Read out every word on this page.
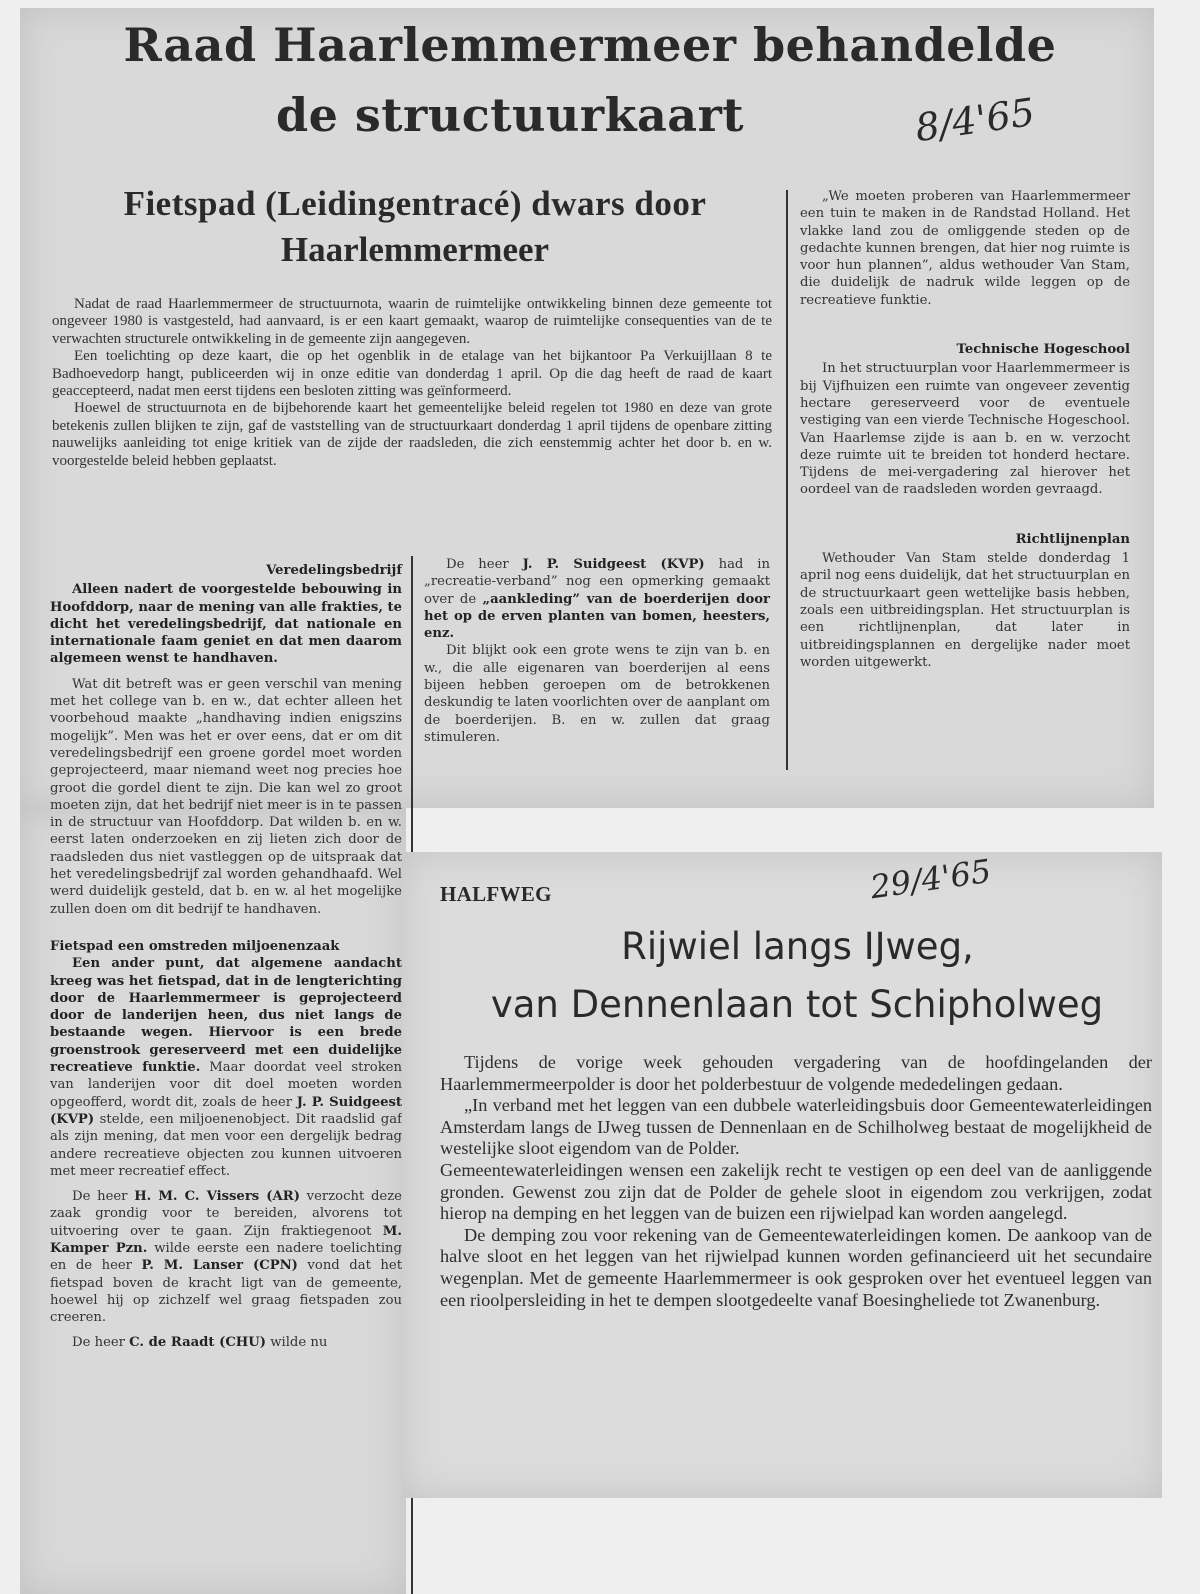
Raad Haarlemmermeer behandelde
de structuurkaart	8/4'65
Fietspad (Leidingentracé) dwars door
Haarlemmermeer

Nadat de raad Haarlemmermeer de structuurnota, waarin de ruimtelijke ontwikkeling binnen deze gemeente tot ongeveer 1980 is vastgesteld, had aanvaard, is er een kaart gemaakt, waarop de ruimtelijke consequenties van de te verwachten structurele ontwikkeling in de gemeente zijn aangegeven.

Een toelichting op deze kaart, die op het ogenblik in de etalage van het bijkantoor Pa Verkuijllaan 8 te Badhoevedorp hangt, publiceerden wij in onze editie van donderdag 1 april. Op die dag heeft de raad de kaart geaccepteerd, nadat men eerst tijdens een besloten zitting was geïnformeerd.

Hoewel de structuurnota en de bijbehorende kaart het gemeentelijke beleid regelen tot 1980 en deze van grote betekenis zullen blijken te zijn, gaf de vaststelling van de structuurkaart donderdag 1 april tijdens de openbare zitting nauwelijks aanleiding tot enige kritiek van de zijde der raadsleden, die zich eenstemmig achter het door b. en w. voorgestelde beleid hebben geplaatst.

„We moeten proberen van Haarlemmermeer een tuin te maken in de Randstad Holland. Het vlakke land zou de omliggende steden op de gedachte kunnen brengen, dat hier nog ruimte is voor hun plannen”, aldus wethouder Van Stam, die duidelijk de nadruk wilde leggen op de recreatieve funktie.

Technische Hogeschool

In het structuurplan voor Haarlemmermeer is bij Vijfhuizen een ruimte van ongeveer zeventig hectare gereserveerd voor de eventuele vestiging van een vierde Technische Hogeschool. Van Haarlemse zijde is aan b. en w. verzocht deze ruimte uit te breiden tot honderd hectare. Tijdens de mei-vergadering zal hierover het oordeel van de raadsleden worden gevraagd.

Richtlijnenplan

Wethouder Van Stam stelde donderdag 1 april nog eens duidelijk, dat het structuurplan en de structuurkaart geen wettelijke basis hebben, zoals een uitbreidingsplan. Het structuurplan is een richtlijnenplan, dat later in uitbreidingsplannen en dergelijke nader moet worden uitgewerkt.

Veredelingsbedrijf

Alleen nadert de voorgestelde bebouwing in Hoofddorp, naar de mening van alle frakties, te dicht het veredelingsbedrijf, dat nationale en internationale faam geniet en dat men daarom algemeen wenst te handhaven.

Wat dit betreft was er geen verschil van mening met het college van b. en w., dat echter alleen het voorbehoud maakte „handhaving indien enigszins mogelijk”. Men was het er over eens, dat er om dit veredelingsbedrijf een groene gordel moet worden geprojecteerd, maar niemand weet nog precies hoe groot die gordel dient te zijn. Die kan wel zo groot moeten zijn, dat het bedrijf niet meer is in te passen in de structuur van Hoofddorp. Dat wilden b. en w. eerst laten onderzoeken en zij lieten zich door de raadsleden dus niet vastleggen op de uitspraak dat het veredelingsbedrijf zal worden gehandhaafd. Wel werd duidelijk gesteld, dat b. en w. al het mogelijke zullen doen om dit bedrijf te handhaven.

Fietspad een omstreden miljoenenzaak

Een ander punt, dat algemene aandacht kreeg was het fietspad, dat in de lengterichting door de Haarlemmermeer is geprojecteerd door de landerijen heen, dus niet langs de bestaande wegen. Hiervoor is een brede groenstrook gereserveerd met een duidelijke recreatieve funktie. Maar doordat veel stroken van landerijen voor dit doel moeten worden opgeofferd, wordt dit, zoals de heer J. P. Suidgeest (KVP) stelde, een miljoenenobject. Dit raadslid gaf als zijn mening, dat men voor een dergelijk bedrag andere recreatieve objecten zou kunnen uitvoeren met meer recreatief effect.

De heer H. M. C. Vissers (AR) verzocht deze zaak grondig voor te bereiden, alvorens tot uitvoering over te gaan. Zijn fraktiegenoot M. Kamper Pzn. wilde eerste een nadere toelichting en de heer P. M. Lanser (CPN) vond dat het fietspad boven de kracht ligt van de gemeente, hoewel hij op zichzelf wel graag fietspaden zou creeren.

De heer C. de Raadt (CHU) wilde nu

De heer J. P. Suidgeest (KVP) had in „recreatie-verband” nog een opmerking gemaakt over de „aankleding” van de boerderijen door het op de erven planten van bomen, heesters, enz.

Dit blijkt ook een grote wens te zijn van b. en w., die alle eigenaren van boerderijen al eens bijeen hebben geroepen om de betrokkenen deskundig te laten voorlichten over de aanplant om de boerderijen. B. en w. zullen dat graag stimuleren.

HALFWEG	29/4'65
Rijwiel langs IJweg,
van Dennenlaan tot Schipholweg

Tijdens de vorige week gehouden vergadering van de hoofdingelanden der Haarlemmermeerpolder is door het polderbestuur de volgende mededelingen gedaan.

„In verband met het leggen van een dubbele waterleidingsbuis door Gemeentewaterleidingen Amsterdam langs de IJweg tussen de Dennenlaan en de Schilholweg bestaat de mogelijkheid de westelijke sloot eigendom van de Polder.

Gemeentewaterleidingen wensen een zakelijk recht te vestigen op een deel van de aanliggende gronden. Gewenst zou zijn dat de Polder de gehele sloot in eigendom zou verkrijgen, zodat hierop na demping en het leggen van de buizen een rijwielpad kan worden aangelegd.

De demping zou voor rekening van de Gemeentewaterleidingen komen. De aankoop van de halve sloot en het leggen van het rijwielpad kunnen worden gefinancieerd uit het secundaire wegenplan. Met de gemeente Haarlemmermeer is ook gesproken over het eventueel leggen van een rioolpersleiding in het te dempen slootgedeelte vanaf Boesingheliede tot Zwanenburg.
